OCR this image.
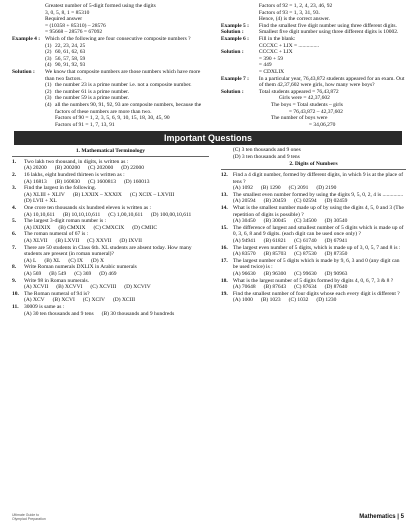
Greatest number of 5-digit formed using the digits
3, 0, 5, 8, 1 = 85310
Required answer
= (10358 + 85310) – 28576
= 95668 – 28576 = 67092
Example 4 : Which of the following are four consecutive composite numbers ?
(1) 22, 23, 24, 25
(2) 60, 61, 62, 63
(3) 56, 57, 58, 59
(4) 90, 91, 92, 93
Solution :	We know that composite numbers are those numbers which have more than two factors.
(1) the number 23 is a prime number i.e. not a composite number.
(2) the number 61 is a prime number.
(3) the number 59 is a prime number.
(4) all the numbers 90, 91, 92, 93 are composite numbers, because the factors of these numbers are more than two.
Factors of 90 = 1, 2, 3, 5, 6, 9, 10, 15, 18, 30, 45, 90
Factors of 91 = 1, 7, 13, 91
Factors of 92 = 1, 2, 4, 23, 46, 92
Factors of 93 = 1, 3, 31, 93.
Hence, (4) is the correct answer.
Example 5 :	Find the smallest five digit number using three different digits.
Solution :	Smallest five digit number using three different digits is 10002.
Example 6 :	Fill in the blank:
CCCXC + LIX = ...............
Solution :	CCCXC + LIX
= 390 + 59
= 449
= CDXLIX
Example 7 :	In a particular year, 76,43,872 students appeared for an exam. Out of them 42,37,602 were girls, how many were boys?
Solution :	Total students appeared = 76,43,872
Girls were = 42,37,602
The boys = Total students – girls
= 76,43,872 – 42,37,602
The number of boys were
= 34,06,270
Important Questions
1. Mathematical Terminology
1.	Two lakh two thousand, in digits, is written as :
(A) 20200 (B) 200200 (C) 202000 (D) 22000
2.	16 lakhs, eight hundred thirteen is written as :
(A) 16813 (B) 160830 (C) 1600813 (D) 160013
3.	Find the largest in the following.
(A) XLIII + XLIV (B) LXXIX – XXXIX (C) XCIX – LXVIII
(D) LVII + XL
4.	One crore ten thousands six hundred eleven is written as :
(A) 10,10,611 (B) 10,10,10,611 (C) 1,00,10,611 (D) 100,00,10,611
5.	The largest 3-digit roman number is :
(A) IXIXIX (B) CMXIX (C) CMXCIX (D) CMIIC
6.	The roman numeral of 67 is :
(A) XLVII (B) LXVII (C) XXVII (D) IXVII
7.	There are 50 students in Class 6th. XL students are absent today. How many students are present (in roman numeral)?
(A) L (B) XL (C) IX (D) X
8.	Write Roman numerals DXLIX in Arabic numerals
(A) 569 (B) 549 (C) 369 (D) 469
9.	Write 98 in Roman numerals.
(A) XCVII (B) XCVVI (C) XCVIII (D) XCVIV
10. The Roman numeral of 94 is?
(A) XCV (B) XCVI (C) XCIV (D) XCIII
11. 30009 is same as :
(A) 30 ten thousands and 9 tens (B) 30 thousands and 9 hundreds
(C) 3 ten thousands and 9 ones
(D) 3 ten thousands and 9 tens
2. Digits of Numbers
12. Find a 4 digit number, formed by different digits, in which 9 is at the place of tens ?
(A) 1092 (B) 1290 (C) 2091 (D) 2190
13. The smallest even number formed by using the digits 9, 5, 0, 2, 4 is ...............
(A) 20594 (B) 20459 (C) 02594 (D) 02459
14. What is the smallest number made up of by using the digits 4, 5, 0 and 3 (The repetition of digits is possible) ?
(A) 30450 (B) 30045 (C) 34500 (D) 30540
15. The difference of largest and smallest number of 5 digits which is made up of 0, 3, 6, 8 and 9 digits. (each digit can be used once only) ?
(A) 94941 (B) 61821 (C) 61740 (D) 67941
16. The largest even number of 5 digits, which is made up of 3, 0, 5, 7 and 8 is :
(A) 83570 (B) 85703 (C) 87530 (D) 87350
17. The largest number of 5 digits which is made by 9, 6, 3 and 0 (any digit can be used twice) is :
(A) 96630 (B) 96300 (C) 99630 (D) 90963
18. What is the largest number of 5 digits formed by digits 4, 0, 6, 7, 3 & 8 ?
(A) 70648 (B) 87643 (C) 87634 (D) 87640
19. Find the smallest number of four digits whose each every digit is different ?
(A) 1000 (B) 1023 (C) 1032 (D) 1230
Ultimate Guide to
Olympiad Preparation	Mathematics | 5
